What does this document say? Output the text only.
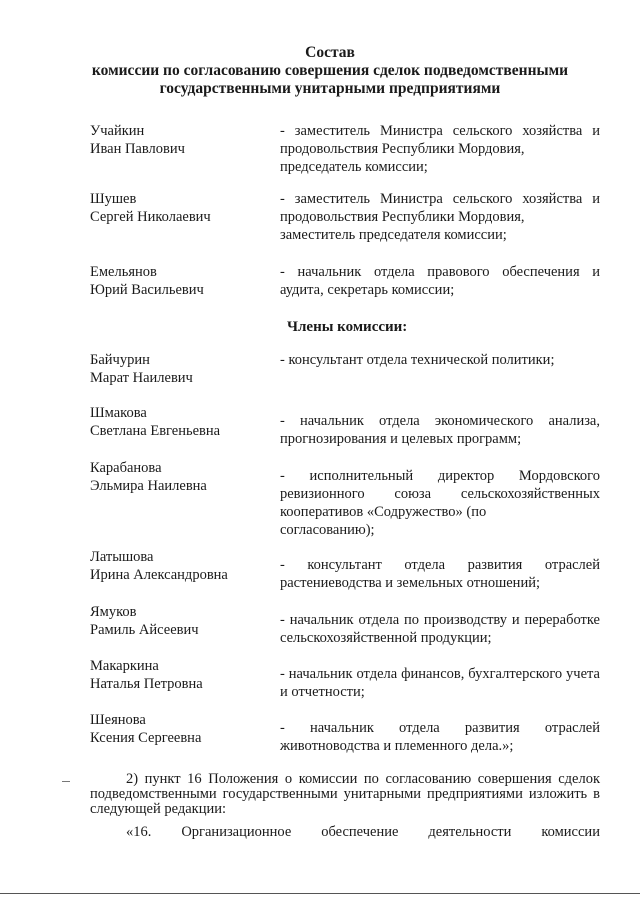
Состав
комиссии по согласованию совершения сделок подведомственными
государственными унитарными предприятиями
Учайкин
Иван Павлович
- заместитель Министра сельского хозяйства и продовольствия Республики Мордовия,
председатель комиссии;
Шушев
Сергей Николаевич
- заместитель Министра сельского хозяйства и продовольствия Республики Мордовия,
заместитель председателя комиссии;
Емельянов
Юрий Васильевич
- начальник отдела правового обеспечения и аудита, секретарь комиссии;
Члены комиссии:
Байчурин
Марат Наилевич
- консультант отдела технической политики;
Шмакова
Светлана Евгеньевна
- начальник отдела экономического анализа, прогнозирования и целевых программ;
Карабанова
Эльмира Наилевна
- исполнительный директор Мордовского ревизионного союза сельскохозяйственных кооперативов «Содружество» (по
согласованию);
Латышова
Ирина Александровна
- консультант отдела развития отраслей растениеводства и земельных отношений;
Ямуков
Рамиль Айсеевич
- начальник отдела по производству и переработке сельскохозяйственной продукции;
Макаркина
Наталья Петровна
- начальник отдела финансов, бухгалтерского учета и отчетности;
Шеянова
Ксения Сергеевна
- начальник отдела развития отраслей животноводства и племенного дела.»;
2) пункт 16 Положения о комиссии по согласованию совершения сделок подведомственными государственными унитарными предприятиями изложить в следующей редакции:
«16. Организационное обеспечение деятельности комиссии
